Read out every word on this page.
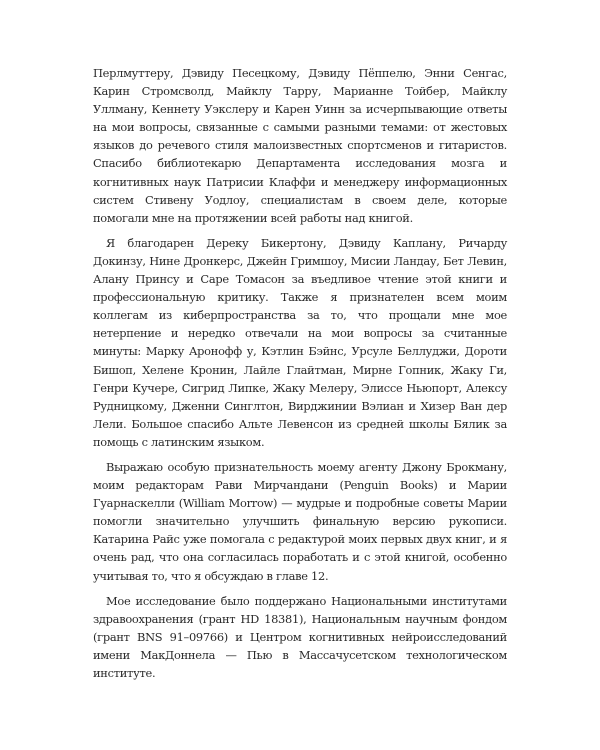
Перлмуттеру, Дэвиду Песецкому, Дэвиду Пёппелю, Энни Сенгас, Карин Стромсволд, Майклу Тарру, Марианне Тойбер, Майклу Уллману, Кеннету Уэкслеру и Карен Уинн за исчерпывающие ответы на мои вопросы, связанные с самыми разными темами: от жестовых языков до речевого стиля малоизвестных спортсменов и гитаристов. Спасибо библиотекарю Департамента исследования мозга и когнитивных наук Патрисии Клаффи и менеджеру информационных систем Стивену Уодлоу, специалистам в своем деле, которые помогали мне на протяжении всей работы над книгой.

Я благодарен Дереку Бикертону, Дэвиду Каплану, Ричарду Докинзу, Нине Дронкерс, Джейн Гримшоу, Мисии Ландау, Бет Левин, Алану Принсу и Саре Томасон за въедливое чтение этой книги и профессиональную критику. Также я признателен всем моим коллегам из киберпространства за то, что прощали мне мое нетерпение и нередко отвечали на мои вопросы за считанные минуты: Марку Аронофф у, Кэтлин Бэйнс, Урсуле Беллуджи, Дороти Бишоп, Хелене Кронин, Лайле Глайтман, Мирне Гопник, Жаку Ги, Генри Кучере, Сигрид Липке, Жаку Мелеру, Элиссе Ньюпорт, Алексу Рудницкому, Дженни Синглтон, Вирджинии Вэлиан и Хизер Ван дер Лели. Большое спасибо Альте Левенсон из средней школы Бялик за помощь с латинским языком.

Выражаю особую признательность моему агенту Джону Брокману, моим редакторам Рави Мирчандани (Penguin Books) и Марии Гуарнаскелли (William Morrow) — мудрые и подробные советы Марии помогли значительно улучшить финальную версию рукописи. Катарина Райс уже помогала с редактурой моих первых двух книг, и я очень рад, что она согласилась поработать и с этой книгой, особенно учитывая то, что я обсуждаю в главе 12.

Мое исследование было поддержано Национальными институтами здравоохранения (грант HD 18381), Национальным научным фондом (грант BNS 91–09766) и Центром когнитивных нейроисследований имени МакДоннела — Пью в Массачусетском технологическом институте.
